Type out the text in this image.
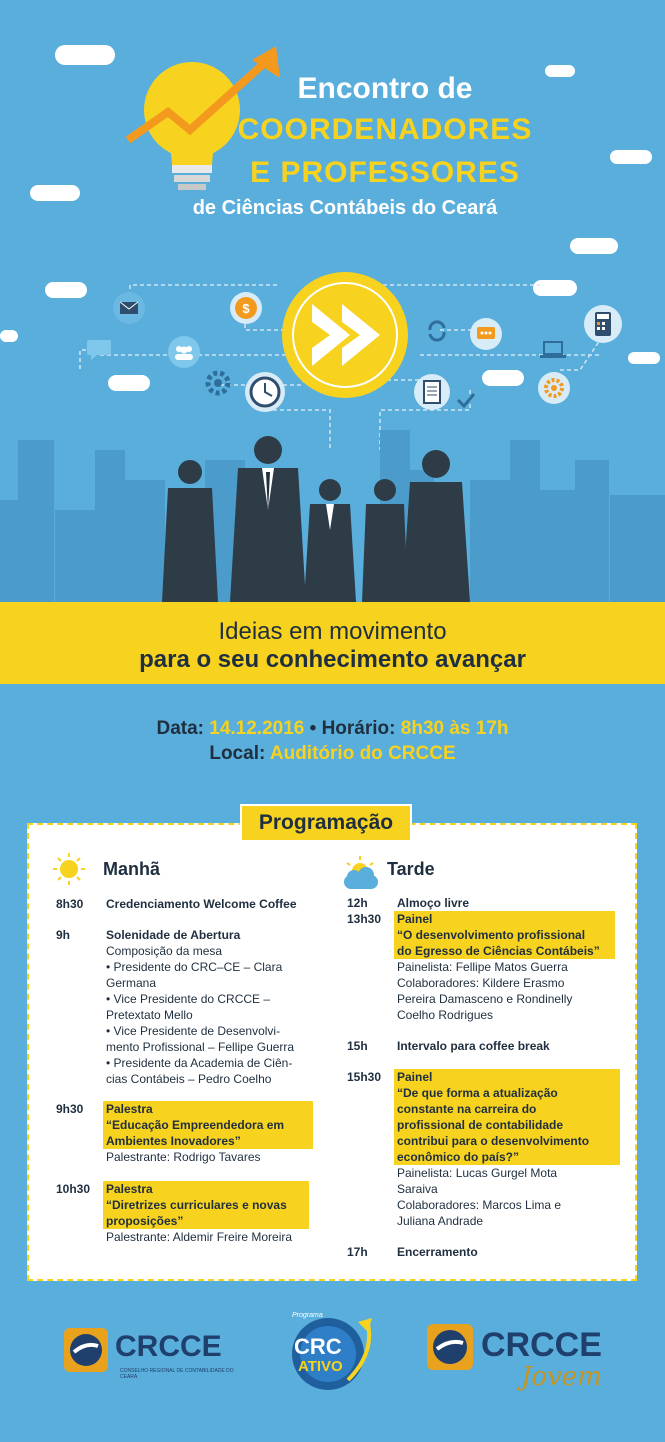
Encontro de
COORDENADORES
E PROFESSORES
de Ciências Contábeis do Ceará
$
Ideias em movimento
para o seu conhecimento avançar
Data: 14.12.2016 • Horário: 8h30 às 17h
Local: Auditório do CRCCE
Programação
Manhã
8h30 Credenciamento Welcome Coffee
9h	Solenidade de Abertura
Composição da mesa
• Presidente do CRC–CE – Clara
Germana
• Vice Presidente do CRCCE –
Pretextato Mello
• Vice Presidente de Desenvolvi-
mento Profissional – Fellipe Guerra
• Presidente da Academia de Ciên-
cias Contábeis – Pedro Coelho
9h30 Palestra
“Educação Empreendedora em
Ambientes Inovadores”
Palestrante: Rodrigo Tavares
10h30 Palestra
“Diretrizes curriculares e novas
proposições”
Palestrante: Aldemir Freire Moreira
Tarde
12h Almoço livre
13h30 Painel
“O desenvolvimento profissional
do Egresso de Ciências Contábeis”
Painelista: Fellipe Matos Guerra
Colaboradores: Kildere Erasmo
Pereira Damasceno e Rondinelly
Coelho Rodrigues
15h Intervalo para coffee break
15h30 Painel
“De que forma a atualização
constante na carreira do
profissional de contabilidade
contribui para o desenvolvimento
econômico do país?”
Painelista: Lucas Gurgel Mota
Saraiva
Colaboradores: Marcos Lima e
Juliana Andrade
17h Encerramento
CRCCE
CONSELHO REGIONAL DE CONTABILIDADE DO CEARÁ
Programa
CRC
ATIVO
CRCCE
Jovem
